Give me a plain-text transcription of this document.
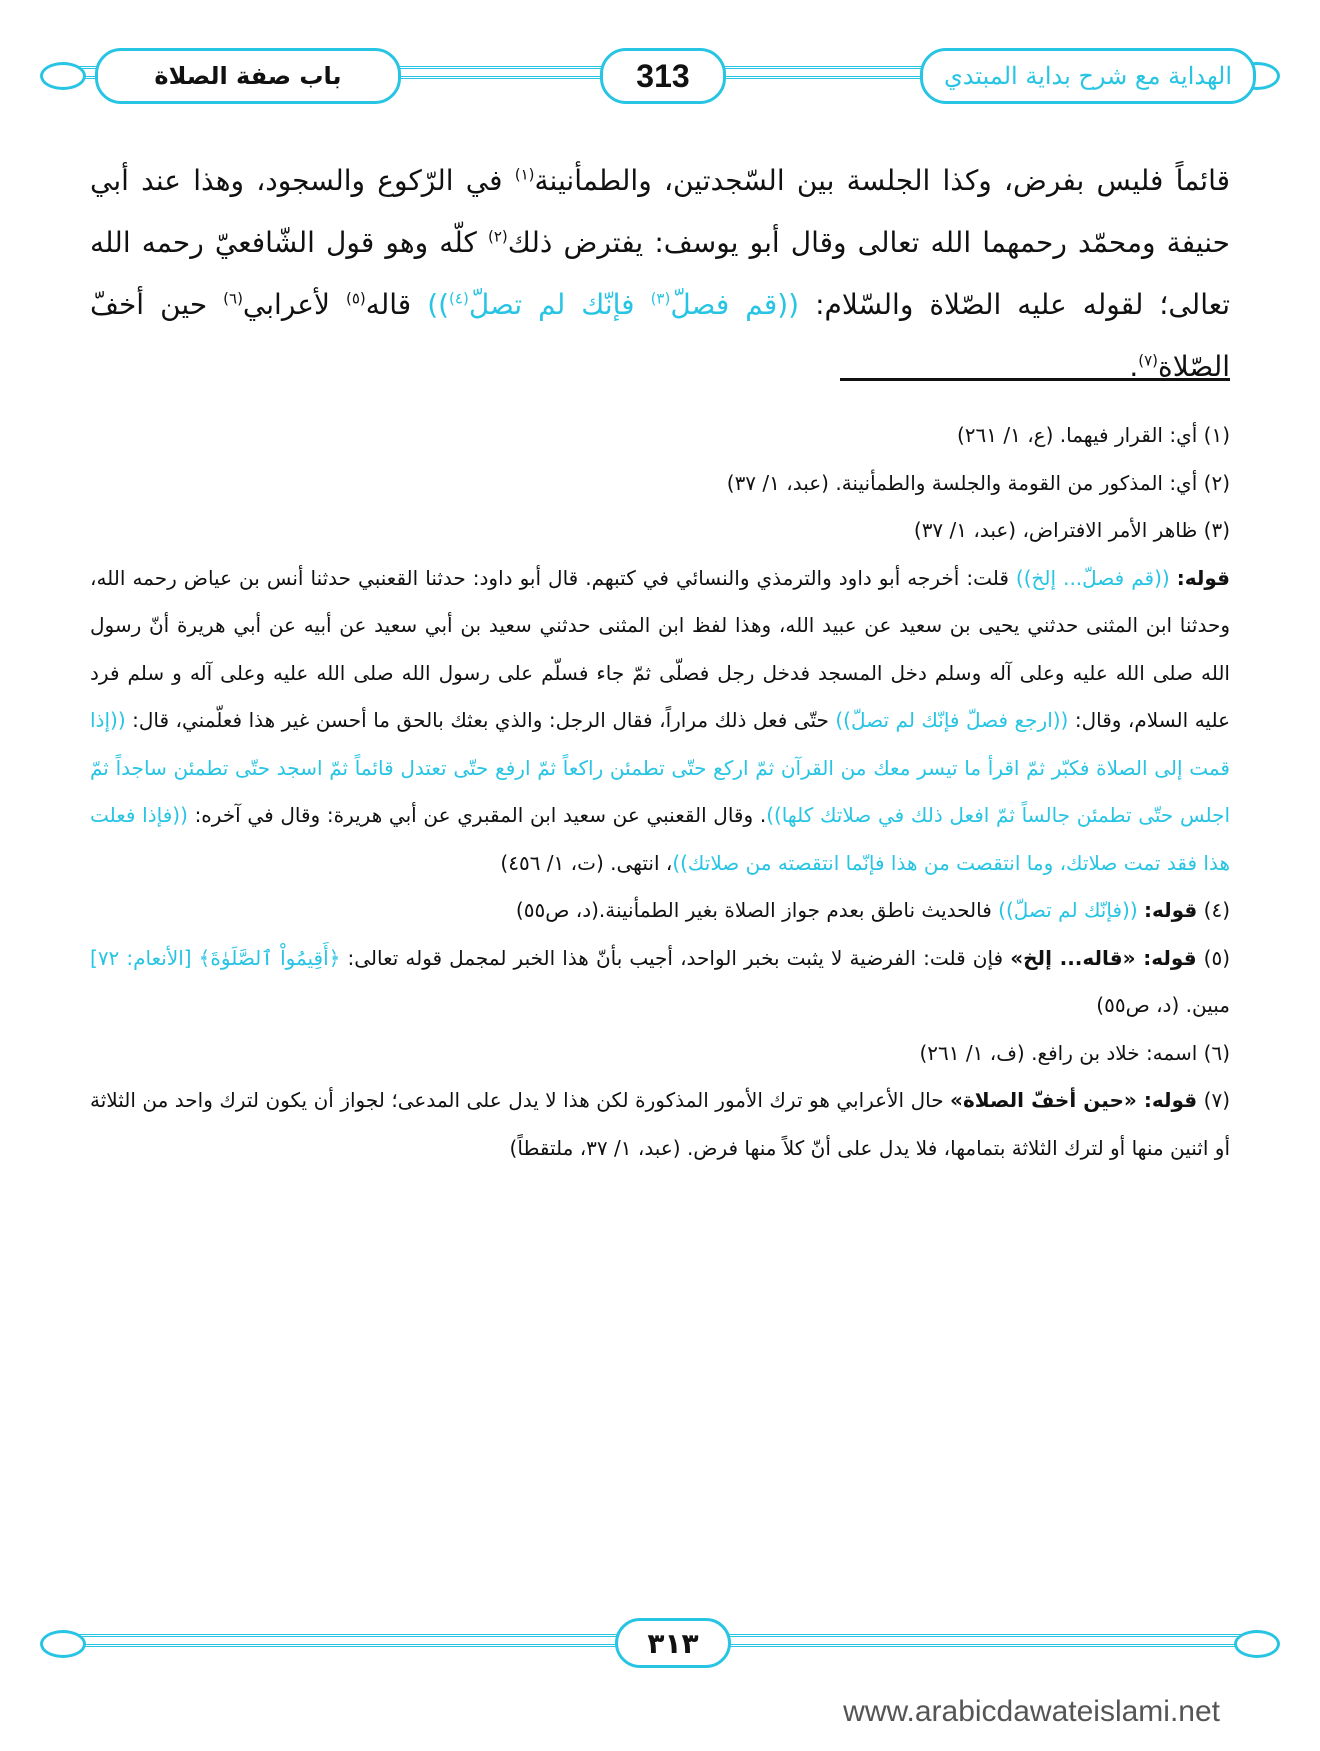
باب صفة الصلاة	313	الهداية مع شرح بداية المبتدي

قائماً فليس بفرض، وكذا الجلسة بين السّجدتين، والطمأنينة$^{(١)}$ في الرّكوع والسجود، وهذا عند أبي حنيفة ومحمّد رحمهما الله تعالى وقال أبو يوسف: يفترض ذلك$^{(٢)}$ كلّه وهو قول الشّافعيّ رحمه الله تعالى؛ لقوله عليه الصّلاة والسّلام: ((قم فصلّ$^{(٣)}$ فإنّك لم تصلّ$^{(٤)}$)) قاله$^{(٥)}$ لأعرابي$^{(٦)}$ حين أخفّ الصّلاة$^{(٧)}$.

(١) أي: القرار فيهما. (ع، ١/ ٢٦١)

(٢) أي: المذكور من القومة والجلسة والطمأنينة. (عبد، ١/ ٣٧)

(٣) ظاهر الأمر الافتراض، (عبد، ١/ ٣٧)

قوله: ((قم فصلّ... إلخ)) قلت: أخرجه أبو داود والترمذي والنسائي في كتبهم. قال أبو داود: حدثنا القعنبي حدثنا أنس بن عياض رحمه الله، وحدثنا ابن المثنى حدثني يحيى بن سعيد عن عبيد الله، وهذا لفظ ابن المثنى حدثني سعيد بن أبي سعيد عن أبيه عن أبي هريرة أنّ رسول الله صلى الله عليه وعلى آله وسلم دخل المسجد فدخل رجل فصلّى ثمّ جاء فسلّم على رسول الله صلى الله عليه وعلى آله و سلم فرد عليه السلام، وقال: ((ارجع فصلّ فإنّك لم تصلّ)) حتّى فعل ذلك مراراً، فقال الرجل: والذي بعثك بالحق ما أحسن غير هذا فعلّمني، قال: ((إذا قمت إلى الصلاة فكبّر ثمّ اقرأ ما تيسر معك من القرآن ثمّ اركع حتّى تطمئن راكعاً ثمّ ارفع حتّى تعتدل قائماً ثمّ اسجد حتّى تطمئن ساجداً ثمّ اجلس حتّى تطمئن جالساً ثمّ افعل ذلك في صلاتك كلها)). وقال القعنبي عن سعيد ابن المقبري عن أبي هريرة: وقال في آخره: ((فإذا فعلت هذا فقد تمت صلاتك، وما انتقصت من هذا فإنّما انتقصته من صلاتك))، انتهى. (ت، ١/ ٤٥٦)

(٤) قوله: ((فإنّك لم تصلّ)) فالحديث ناطق بعدم جواز الصلاة بغير الطمأنينة.(د، ص٥٥)

(٥) قوله: «قاله... إلخ» فإن قلت: الفرضية لا يثبت بخبر الواحد، أجيب بأنّ هذا الخبر لمجمل قوله تعالى: ﴿أَقِيمُواْ ٱلصَّلَوٰةَ﴾ [الأنعام: ٧٢] مبين. (د، ص٥٥)

(٦) اسمه: خلاد بن رافع. (ف، ١/ ٢٦١)

(٧) قوله: «حين أخفّ الصلاة» حال الأعرابي هو ترك الأمور المذكورة لكن هذا لا يدل على المدعى؛ لجواز أن يكون لترك واحد من الثلاثة أو اثنين منها أو لترك الثلاثة بتمامها، فلا يدل على أنّ كلاً منها فرض. (عبد، ١/ ٣٧، ملتقطاً)

٣١٣
www.arabicdawateislami.net
